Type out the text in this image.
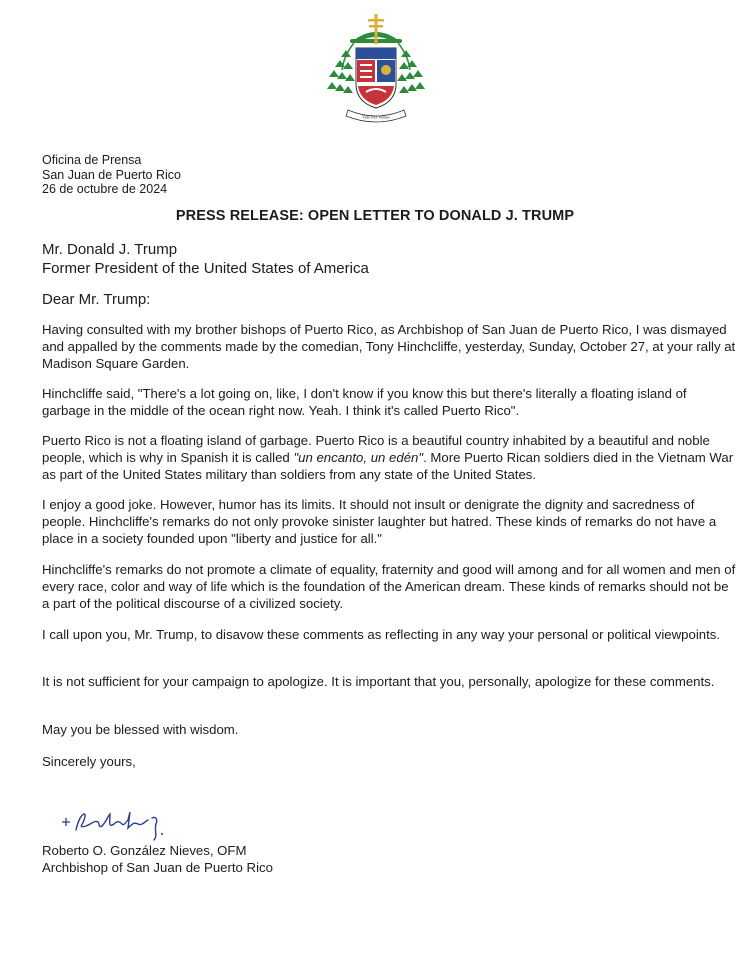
Vide Pax Veritas
Oficina de Prensa
San Juan de Puerto Rico
26 de octubre de 2024
PRESS RELEASE: OPEN LETTER TO DONALD J. TRUMP
Mr. Donald J. Trump
Former President of the United States of America
Dear Mr. Trump:

Having consulted with my brother bishops of Puerto Rico, as Archbishop of San Juan de Puerto Rico, I was dismayed and appalled by the comments made by the comedian, Tony Hinchcliffe, yesterday, Sunday, October 27, at your rally at Madison Square Garden.

Hinchcliffe said, "There's a lot going on, like, I don't know if you know this but there's literally a floating island of garbage in the middle of the ocean right now. Yeah. I think it's called Puerto Rico".

Puerto Rico is not a floating island of garbage. Puerto Rico is a beautiful country inhabited by a beautiful and noble people, which is why in Spanish it is called "un encanto, un edén". More Puerto Rican soldiers died in the Vietnam War as part of the United States military than soldiers from any state of the United States.

I enjoy a good joke. However, humor has its limits. It should not insult or denigrate the dignity and sacredness of people. Hinchcliffe's remarks do not only provoke sinister laughter but hatred. These kinds of remarks do not have a place in a society founded upon "liberty and justice for all."

Hinchcliffe's remarks do not promote a climate of equality, fraternity and good will among and for all women and men of every race, color and way of life which is the foundation of the American dream. These kinds of remarks should not be a part of the political discourse of a civilized society.

I call upon you, Mr. Trump, to disavow these comments as reflecting in any way your personal or political viewpoints.

It is not sufficient for your campaign to apologize. It is important that you, personally, apologize for these comments.

May you be blessed with wisdom.

Sincerely yours,

Roberto O. González Nieves, OFM
Archbishop of San Juan de Puerto Rico
